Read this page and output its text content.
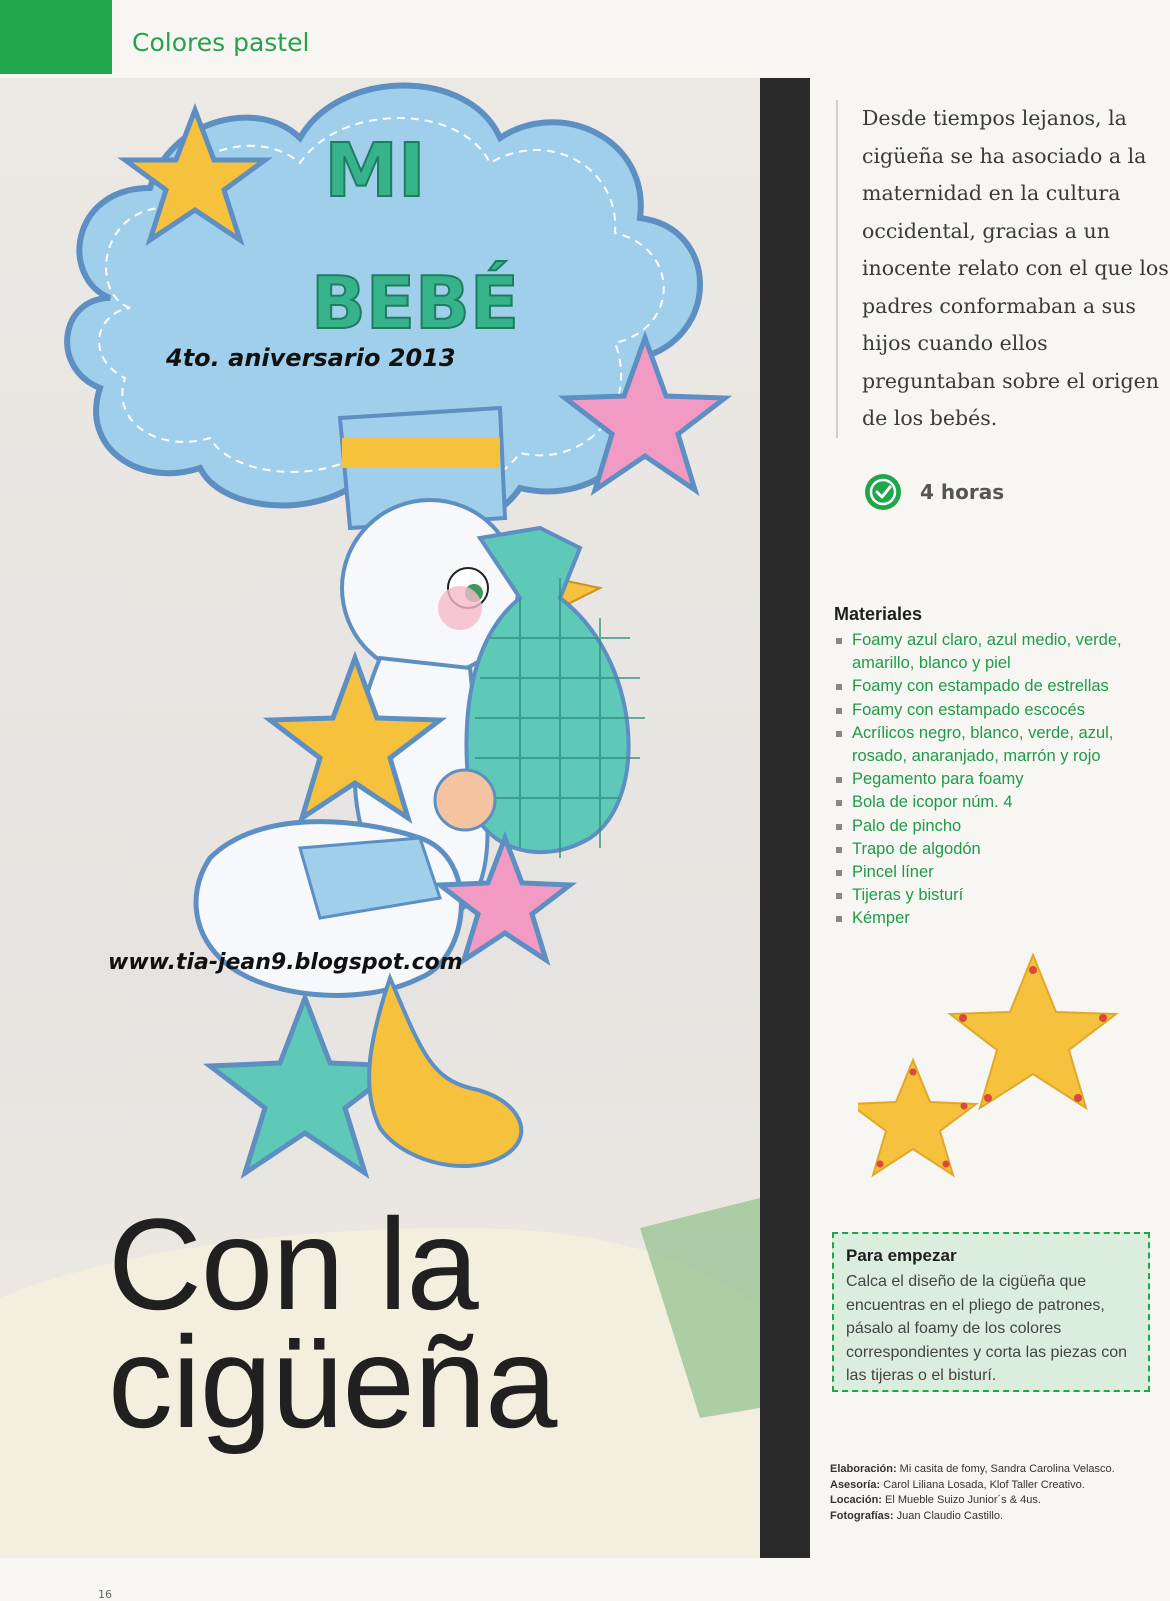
Colores pastel
MI
BEBÉ
4to. aniversario 2013
www.tia-jean9.blogspot.com
Desde tiempos lejanos, la cigüeña se ha asociado a la maternidad en la cultura occidental, gracias a un inocente relato con el que los padres conformaban a sus hijos cuando ellos preguntaban sobre el origen de los bebés.
4 horas
Materiales
Foamy azul claro, azul medio, verde, amarillo, blanco y piel
Foamy con estampado de estrellas
Foamy con estampado escocés
Acrílicos negro, blanco, verde, azul, rosado, anaranjado, marrón y rojo
Pegamento para foamy
Bola de icopor núm. 4
Palo de pincho
Trapo de algodón
Pincel líner
Tijeras y bisturí
Kémper
Para empezar

Calca el diseño de la cigüeña que encuentras en el pliego de patrones, pásalo al foamy de los colores correspondientes y corta las piezas con las tijeras o el bisturí.

Elaboración: Mi casita de fomy, Sandra Carolina Velasco.
Asesoría: Carol Liliana Losada, Klof Taller Creativo.
Locación: El Mueble Suizo Junior´s & 4us.
Fotografías: Juan Claudio Castillo.
Con la
cigüeña
16
